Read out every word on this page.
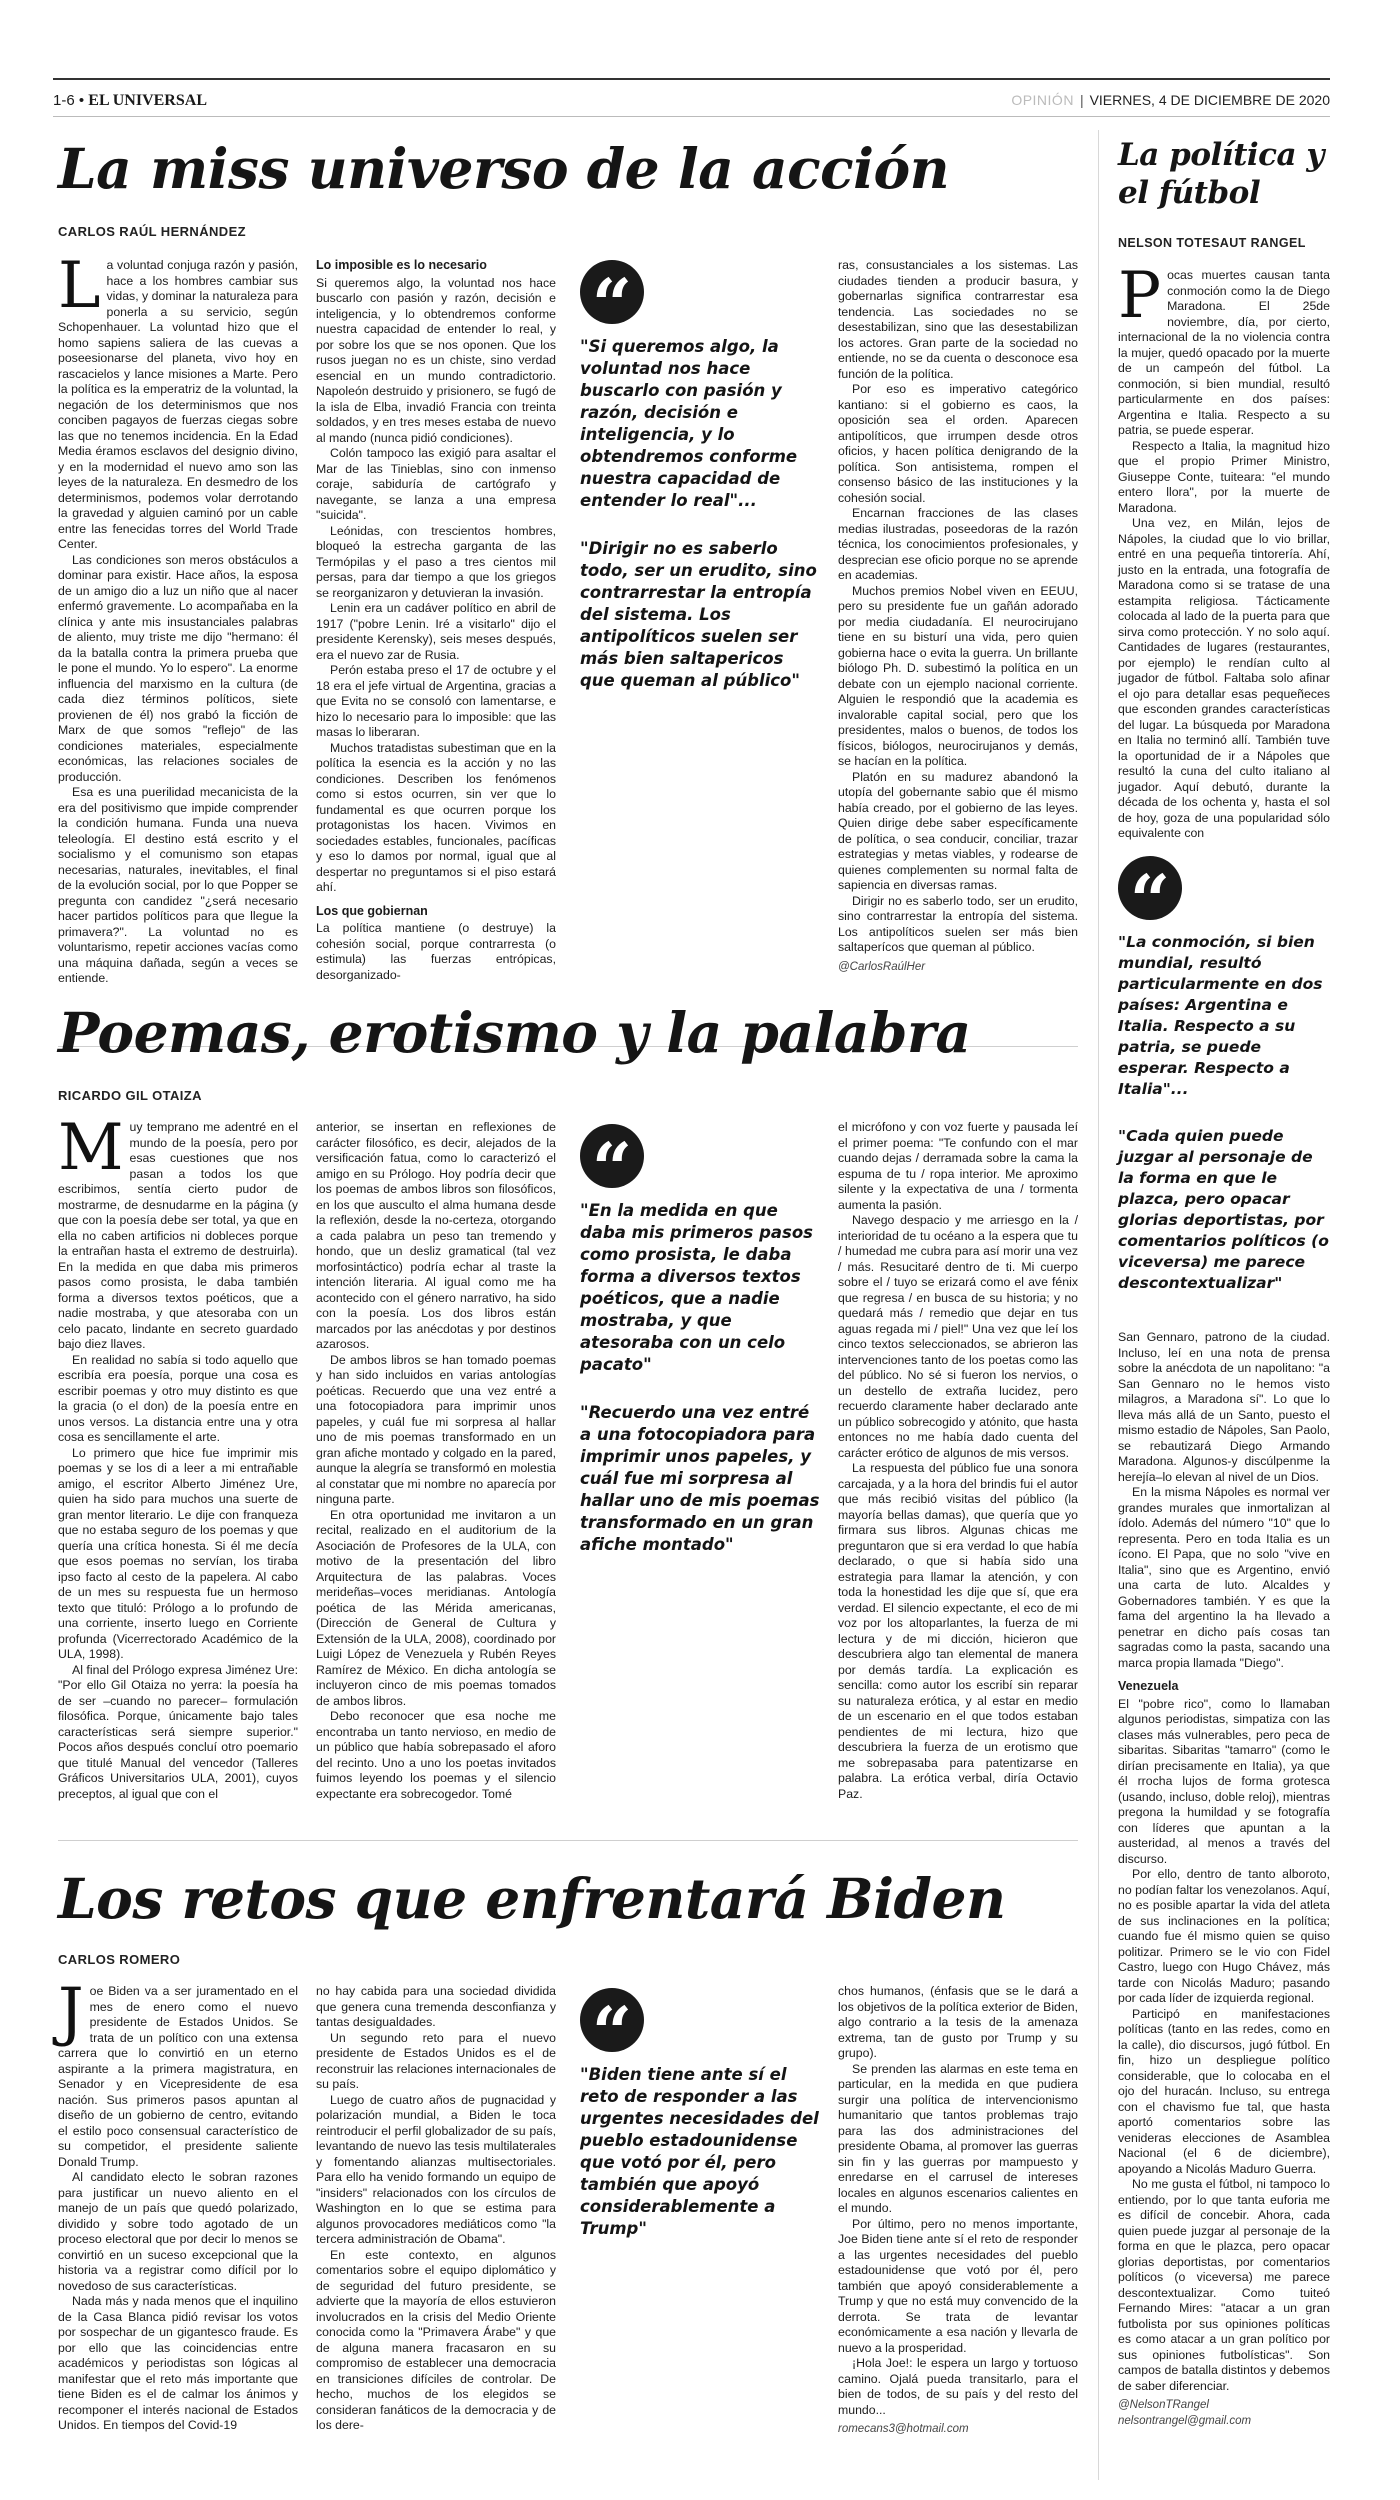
1-6 • EL UNIVERSAL	OPINIÓN | VIERNES, 4 DE DICIEMBRE DE 2020
La miss universo de la acción
CARLOS RAÚL HERNÁNDEZ
L a voluntad conjuga razón y pasión, hace a los hombres cambiar sus vidas, y dominar la naturaleza para ponerla a su servicio, según Schopenhauer. La voluntad hizo que el homo sapiens saliera de las cuevas a poseesionarse del planeta, vivo hoy en rascacielos y lance misiones a Marte. Pero la política es la emperatriz de la voluntad, la negación de los determinismos que nos conciben pagayos de fuerzas ciegas sobre las que no tenemos incidencia. En la Edad Media éramos esclavos del designio divino, y en la modernidad el nuevo amo son las leyes de la naturaleza. En desmedro de los determinismos, podemos volar derrotando la gravedad y alguien caminó por un cable entre las fenecidas torres del World Trade Center.

Las condiciones son meros obstáculos a dominar para existir. Hace años, la esposa de un amigo dio a luz un niño que al nacer enfermó gravemente. Lo acompañaba en la clínica y ante mis insustanciales palabras de aliento, muy triste me dijo "hermano: él da la batalla contra la primera prueba que le pone el mundo. Yo lo espero". La enorme influencia del marxismo en la cultura (de cada diez términos políticos, siete provienen de él) nos grabó la ficción de Marx de que somos "reflejo" de las condiciones materiales, especialmente económicas, las relaciones sociales de producción.

Esa es una puerilidad mecanicista de la era del positivismo que impide comprender la condición humana. Funda una nueva teleología. El destino está escrito y el socialismo y el comunismo son etapas necesarias, naturales, inevitables, el final de la evolución social, por lo que Popper se pregunta con candidez "¿será necesario hacer partidos políticos para que llegue la primavera?". La voluntad no es voluntarismo, repetir acciones vacías como una máquina dañada, según a veces se entiende.

Lo imposible es lo necesario

Si queremos algo, la voluntad nos hace buscarlo con pasión y razón, decisión e inteligencia, y lo obtendremos conforme nuestra capacidad de entender lo real, y por sobre los que se nos oponen. Que los rusos juegan no es un chiste, sino verdad esencial en un mundo contradictorio. Napoleón destruido y prisionero, se fugó de la isla de Elba, invadió Francia con treinta soldados, y en tres meses estaba de nuevo al mando (nunca pidió condiciones).

Colón tampoco las exigió para asaltar el Mar de las Tinieblas, sino con inmenso coraje, sabiduría de cartógrafo y navegante, se lanza a una empresa "suicida".

Leónidas, con trescientos hombres, bloqueó la estrecha garganta de las Termópilas y el paso a tres cientos mil persas, para dar tiempo a que los griegos se reorganizaron y detuvieran la invasión.

Lenin era un cadáver político en abril de 1917 ("pobre Lenin. Iré a visitarlo" dijo el presidente Kerensky), seis meses después, era el nuevo zar de Rusia.

Perón estaba preso el 17 de octubre y el 18 era el jefe virtual de Argentina, gracias a que Evita no se consoló con lamentarse, e hizo lo necesario para lo imposible: que las masas lo liberaran.

Muchos tratadistas subestiman que en la política la esencia es la acción y no las condiciones. Describen los fenómenos como si estos ocurren, sin ver que lo fundamental es que ocurren porque los protagonistas los hacen. Vivimos en sociedades estables, funcionales, pacíficas y eso lo damos por normal, igual que al despertar no preguntamos si el piso estará ahí.

Los que gobiernan

La política mantiene (o destruye) la cohesión social, porque contrarresta (o estimula) las fuerzas entrópicas, desorganizado-

“
"Si queremos algo, la voluntad nos hace buscarlo con pasión y razón, decisión e inteligencia, y lo obtendremos conforme nuestra capacidad de entender lo real"...
"Dirigir no es saberlo todo, ser un erudito, sino contrarrestar la entropía del sistema. Los antipolíticos suelen ser más bien saltapericos que queman al público"

ras, consustanciales a los sistemas. Las ciudades tienden a producir basura, y gobernarlas significa contrarrestar esa tendencia. Las sociedades no se desestabilizan, sino que las desestabilizan los actores. Gran parte de la sociedad no entiende, no se da cuenta o desconoce esa función de la política.

Por eso es imperativo categórico kantiano: si el gobierno es caos, la oposición sea el orden. Aparecen antipolíticos, que irrumpen desde otros oficios, y hacen política denigrando de la política. Son antisistema, rompen el consenso básico de las instituciones y la cohesión social.

Encarnan fracciones de las clases medias ilustradas, poseedoras de la razón técnica, los conocimientos profesionales, y desprecian ese oficio porque no se aprende en academias.

Muchos premios Nobel viven en EEUU, pero su presidente fue un gañán adorado por media ciudadanía. El neurocirujano tiene en su bisturí una vida, pero quien gobierna hace o evita la guerra. Un brillante biólogo Ph. D. subestimó la política en un debate con un ejemplo nacional corriente. Alguien le respondió que la academia es invalorable capital social, pero que los presidentes, malos o buenos, de todos los físicos, biólogos, neurocirujanos y demás, se hacían en la política.

Platón en su madurez abandonó la utopía del gobernante sabio que él mismo había creado, por el gobierno de las leyes. Quien dirige debe saber específicamente de política, o sea conducir, conciliar, trazar estrategias y metas viables, y rodearse de quienes complementen su normal falta de sapiencia en diversas ramas.

Dirigir no es saberlo todo, ser un erudito, sino contrarrestar la entropía del sistema. Los antipolíticos suelen ser más bien saltaperícos que queman al público.

@CarlosRaúlHer

Poemas, erotismo y la palabra
RICARDO GIL OTAIZA
M uy temprano me adentré en el mundo de la poesía, pero por esas cuestiones que nos pasan a todos los que escribimos, sentía cierto pudor de mostrarme, de desnudarme en la página (y que con la poesía debe ser total, ya que en ella no caben artificios ni dobleces porque la entrañan hasta el extremo de destruirla). En la medida en que daba mis primeros pasos como prosista, le daba también forma a diversos textos poéticos, que a nadie mostraba, y que atesoraba con un celo pacato, lindante en secreto guardado bajo diez llaves.

En realidad no sabía si todo aquello que escribía era poesía, porque una cosa es escribir poemas y otro muy distinto es que la gracia (o el don) de la poesía entre en unos versos. La distancia entre una y otra cosa es sencillamente el arte.

Lo primero que hice fue imprimir mis poemas y se los di a leer a mi entrañable amigo, el escritor Alberto Jiménez Ure, quien ha sido para muchos una suerte de gran mentor literario. Le dije con franqueza que no estaba seguro de los poemas y que quería una crítica honesta. Si él me decía que esos poemas no servían, los tiraba ipso facto al cesto de la papelera. Al cabo de un mes su respuesta fue un hermoso texto que tituló: Prólogo a lo profundo de una corriente, inserto luego en Corriente profunda (Vicerrectorado Académico de la ULA, 1998).

Al final del Prólogo expresa Jiménez Ure: "Por ello Gil Otaiza no yerra: la poesía ha de ser –cuando no parecer– formulación filosófica. Porque, únicamente bajo tales características será siempre superior." Pocos años después concluí otro poemario que titulé Manual del vencedor (Talleres Gráficos Universitarios ULA, 2001), cuyos preceptos, al igual que con el

anterior, se insertan en reflexiones de carácter filosófico, es decir, alejados de la versificación fatua, como lo caracterizó el amigo en su Prólogo. Hoy podría decir que los poemas de ambos libros son filosóficos, en los que ausculto el alma humana desde la reflexión, desde la no-certeza, otorgando a cada palabra un peso tan tremendo y hondo, que un desliz gramatical (tal vez morfosintáctico) podría echar al traste la intención literaria. Al igual como me ha acontecido con el género narrativo, ha sido con la poesía. Los dos libros están marcados por las anécdotas y por destinos azarosos.

De ambos libros se han tomado poemas y han sido incluidos en varias antologías poéticas. Recuerdo que una vez entré a una fotocopiadora para imprimir unos papeles, y cuál fue mi sorpresa al hallar uno de mis poemas transformado en un gran afiche montado y colgado en la pared, aunque la alegría se transformó en molestia al constatar que mi nombre no aparecía por ninguna parte.

En otra oportunidad me invitaron a un recital, realizado en el auditorium de la Asociación de Profesores de la ULA, con motivo de la presentación del libro Arquitectura de las palabras. Voces merideñas–voces meridianas. Antología poética de las Mérida americanas, (Dirección de General de Cultura y Extensión de la ULA, 2008), coordinado por Luigi López de Venezuela y Rubén Reyes Ramírez de México. En dicha antología se incluyeron cinco de mis poemas tomados de ambos libros.

Debo reconocer que esa noche me encontraba un tanto nervioso, en medio de un público que había sobrepasado el aforo del recinto. Uno a uno los poetas invitados fuimos leyendo los poemas y el silencio expectante era sobrecogedor. Tomé

“
"En la medida en que daba mis primeros pasos como prosista, le daba forma a diversos textos poéticos, que a nadie mostraba, y que atesoraba con un celo pacato"
"Recuerdo una vez entré a una fotocopiadora para imprimir unos papeles, y cuál fue mi sorpresa al hallar uno de mis poemas transformado en un gran afiche montado"

el micrófono y con voz fuerte y pausada leí el primer poema: "Te confundo con el mar cuando dejas / derramada sobre la cama la espuma de tu / ropa interior. Me aproximo silente y la expectativa de una / tormenta aumenta la pasión.

Navego despacio y me arriesgo en la / interioridad de tu océano a la espera que tu / humedad me cubra para así morir una vez / más. Resucitaré dentro de ti. Mi cuerpo sobre el / tuyo se erizará como el ave fénix que regresa / en busca de su historia; y no quedará más / remedio que dejar en tus aguas regada mi / piel!" Una vez que leí los cinco textos seleccionados, se abrieron las intervenciones tanto de los poetas como las del público. No sé si fueron los nervios, o un destello de extraña lucidez, pero recuerdo claramente haber declarado ante un público sobrecogido y atónito, que hasta entonces no me había dado cuenta del carácter erótico de algunos de mis versos.

La respuesta del público fue una sonora carcajada, y a la hora del brindis fui el autor que más recibió visitas del público (la mayoría bellas damas), que quería que yo firmara sus libros. Algunas chicas me preguntaron que si era verdad lo que había declarado, o que si había sido una estrategia para llamar la atención, y con toda la honestidad les dije que sí, que era verdad. El silencio expectante, el eco de mi voz por los altoparlantes, la fuerza de mi lectura y de mi dicción, hicieron que descubriera algo tan elemental de manera por demás tardía. La explicación es sencilla: como autor los escribí sin reparar su naturaleza erótica, y al estar en medio de un escenario en el que todos estaban pendientes de mi lectura, hizo que descubriera la fuerza de un erotismo que me sobrepasaba para patentizarse en palabra. La erótica verbal, diría Octavio Paz.

Los retos que enfrentará Biden
CARLOS ROMERO
J oe Biden va a ser juramentado en el mes de enero como el nuevo presidente de Estados Unidos. Se trata de un político con una extensa carrera que lo convirtió en un eterno aspirante a la primera magistratura, en Senador y en Vicepresidente de esa nación. Sus primeros pasos apuntan al diseño de un gobierno de centro, evitando el estilo poco consensual característico de su competidor, el presidente saliente Donald Trump.

Al candidato electo le sobran razones para justificar un nuevo aliento en el manejo de un país que quedó polarizado, dividido y sobre todo agotado de un proceso electoral que por decir lo menos se convirtió en un suceso excepcional que la historia va a registrar como difícil por lo novedoso de sus características.

Nada más y nada menos que el inquilino de la Casa Blanca pidió revisar los votos por sospechar de un gigantesco fraude. Es por ello que las coincidencias entre académicos y periodistas son lógicas al manifestar que el reto más importante que tiene Biden es el de calmar los ánimos y recomponer el interés nacional de Estados Unidos. En tiempos del Covid-19

no hay cabida para una sociedad dividida que genera cuna tremenda desconfianza y tantas desigualdades.

Un segundo reto para el nuevo presidente de Estados Unidos es el de reconstruir las relaciones internacionales de su país.

Luego de cuatro años de pugnacidad y polarización mundial, a Biden le toca reintroducir el perfil globalizador de su país, levantando de nuevo las tesis multilaterales y fomentando alianzas multisectoriales. Para ello ha venido formando un equipo de "insiders" relacionados con los círculos de Washington en lo que se estima para algunos provocadores mediáticos como "la tercera administración de Obama".

En este contexto, en algunos comentarios sobre el equipo diplomático y de seguridad del futuro presidente, se advierte que la mayoría de ellos estuvieron involucrados en la crisis del Medio Oriente conocida como la "Primavera Árabe" y que de alguna manera fracasaron en su compromiso de establecer una democracia en transiciones difíciles de controlar. De hecho, muchos de los elegidos se consideran fanáticos de la democracia y de los dere-

“
"Biden tiene ante sí el reto de responder a las urgentes necesidades del pueblo estadounidense que votó por él, pero también que apoyó considerablemente a Trump"

chos humanos, (énfasis que se le dará a los objetivos de la política exterior de Biden, algo contrario a la tesis de la amenaza extrema, tan de gusto por Trump y su grupo).

Se prenden las alarmas en este tema en particular, en la medida en que pudiera surgir una política de intervencionismo humanitario que tantos problemas trajo para las dos administraciones del presidente Obama, al promover las guerras sin fin y las guerras por mampuesto y enredarse en el carrusel de intereses locales en algunos escenarios calientes en el mundo.

Por último, pero no menos importante, Joe Biden tiene ante sí el reto de responder a las urgentes necesidades del pueblo estadounidense que votó por él, pero también que apoyó considerablemente a Trump y que no está muy convencido de la derrota. Se trata de levantar económicamente a esa nación y llevarla de nuevo a la prosperidad.

¡Hola Joe!: le espera un largo y tortuoso camino. Ojalá pueda transitarlo, para el bien de todos, de su país y del resto del mundo...

romecans3@hotmail.com

La política y el fútbol
NELSON TOTESAUT RANGEL
P ocas muertes causan tanta conmoción como la de Diego Maradona. El 25de noviembre, día, por cierto, internacional de la no violencia contra la mujer, quedó opacado por la muerte de un campeón del fútbol. La conmoción, si bien mundial, resultó particularmente en dos países: Argentina e Italia. Respecto a su patria, se puede esperar.

Respecto a Italia, la magnitud hizo que el propio Primer Ministro, Giuseppe Conte, tuiteara: "el mundo entero llora", por la muerte de Maradona.

Una vez, en Milán, lejos de Nápoles, la ciudad que lo vio brillar, entré en una pequeña tintorería. Ahí, justo en la entrada, una fotografía de Maradona como si se tratase de una estampita religiosa. Tácticamente colocada al lado de la puerta para que sirva como protección. Y no solo aquí. Cantidades de lugares (restaurantes, por ejemplo) le rendían culto al jugador de fútbol. Faltaba solo afinar el ojo para detallar esas pequeñeces que esconden grandes características del lugar. La búsqueda por Maradona en Italia no terminó allí. También tuve la oportunidad de ir a Nápoles que resultó la cuna del culto italiano al jugador. Aquí debutó, durante la década de los ochenta y, hasta el sol de hoy, goza de una popularidad sólo equivalente con

“
"La conmoción, si bien mundial, resultó particularmente en dos países: Argentina e Italia. Respecto a su patria, se puede esperar. Respecto a Italia"...
"Cada quien puede juzgar al personaje de la forma en que le plazca, pero opacar glorias deportistas, por comentarios políticos (o viceversa) me parece descontextualizar"

San Gennaro, patrono de la ciudad. Incluso, leí en una nota de prensa sobre la anécdota de un napolitano: "a San Gennaro no le hemos visto milagros, a Maradona sí". Lo que lo lleva más allá de un Santo, puesto el mismo estadio de Nápoles, San Paolo, se rebautizará Diego Armando Maradona. Algunos-y discúlpenme la herejía–lo elevan al nivel de un Dios.

En la misma Nápoles es normal ver grandes murales que inmortalizan al ídolo. Además del número "10" que lo representa. Pero en toda Italia es un ícono. El Papa, que no solo "vive en Italia", sino que es Argentino, envió una carta de luto. Alcaldes y Gobernadores también. Y es que la fama del argentino la ha llevado a penetrar en dicho país cosas tan sagradas como la pasta, sacando una marca propia llamada "Diego".

Venezuela

El "pobre rico", como lo llamaban algunos periodistas, simpatiza con las clases más vulnerables, pero peca de sibaritas. Sibaritas "tamarro" (como le dirían precisamente en Italia), ya que él rrocha lujos de forma grotesca (usando, incluso, doble reloj), mientras pregona la humildad y se fotografía con líderes que apuntan a la austeridad, al menos a través del discurso.

Por ello, dentro de tanto alboroto, no podían faltar los venezolanos. Aquí, no es posible apartar la vida del atleta de sus inclinaciones en la política; cuando fue él mismo quien se quiso politizar. Primero se le vio con Fidel Castro, luego con Hugo Chávez, más tarde con Nicolás Maduro; pasando por cada líder de izquierda regional.

Participó en manifestaciones políticas (tanto en las redes, como en la calle), dio discursos, jugó fútbol. En fin, hizo un despliegue político considerable, que lo colocaba en el ojo del huracán. Incluso, su entrega con el chavismo fue tal, que hasta aportó comentarios sobre las venideras elecciones de Asamblea Nacional (el 6 de diciembre), apoyando a Nicolás Maduro Guerra.

No me gusta el fútbol, ni tampoco lo entiendo, por lo que tanta euforia me es difícil de concebir. Ahora, cada quien puede juzgar al personaje de la forma en que le plazca, pero opacar glorias deportistas, por comentarios políticos (o viceversa) me parece descontextualizar. Como tuiteó Fernando Mires: "atacar a un gran futbolista por sus opiniones políticas es como atacar a un gran político por sus opiniones futbolísticas". Son campos de batalla distintos y debemos de saber diferenciar.

@NelsonTRangel

nelsontrangel@gmail.com
